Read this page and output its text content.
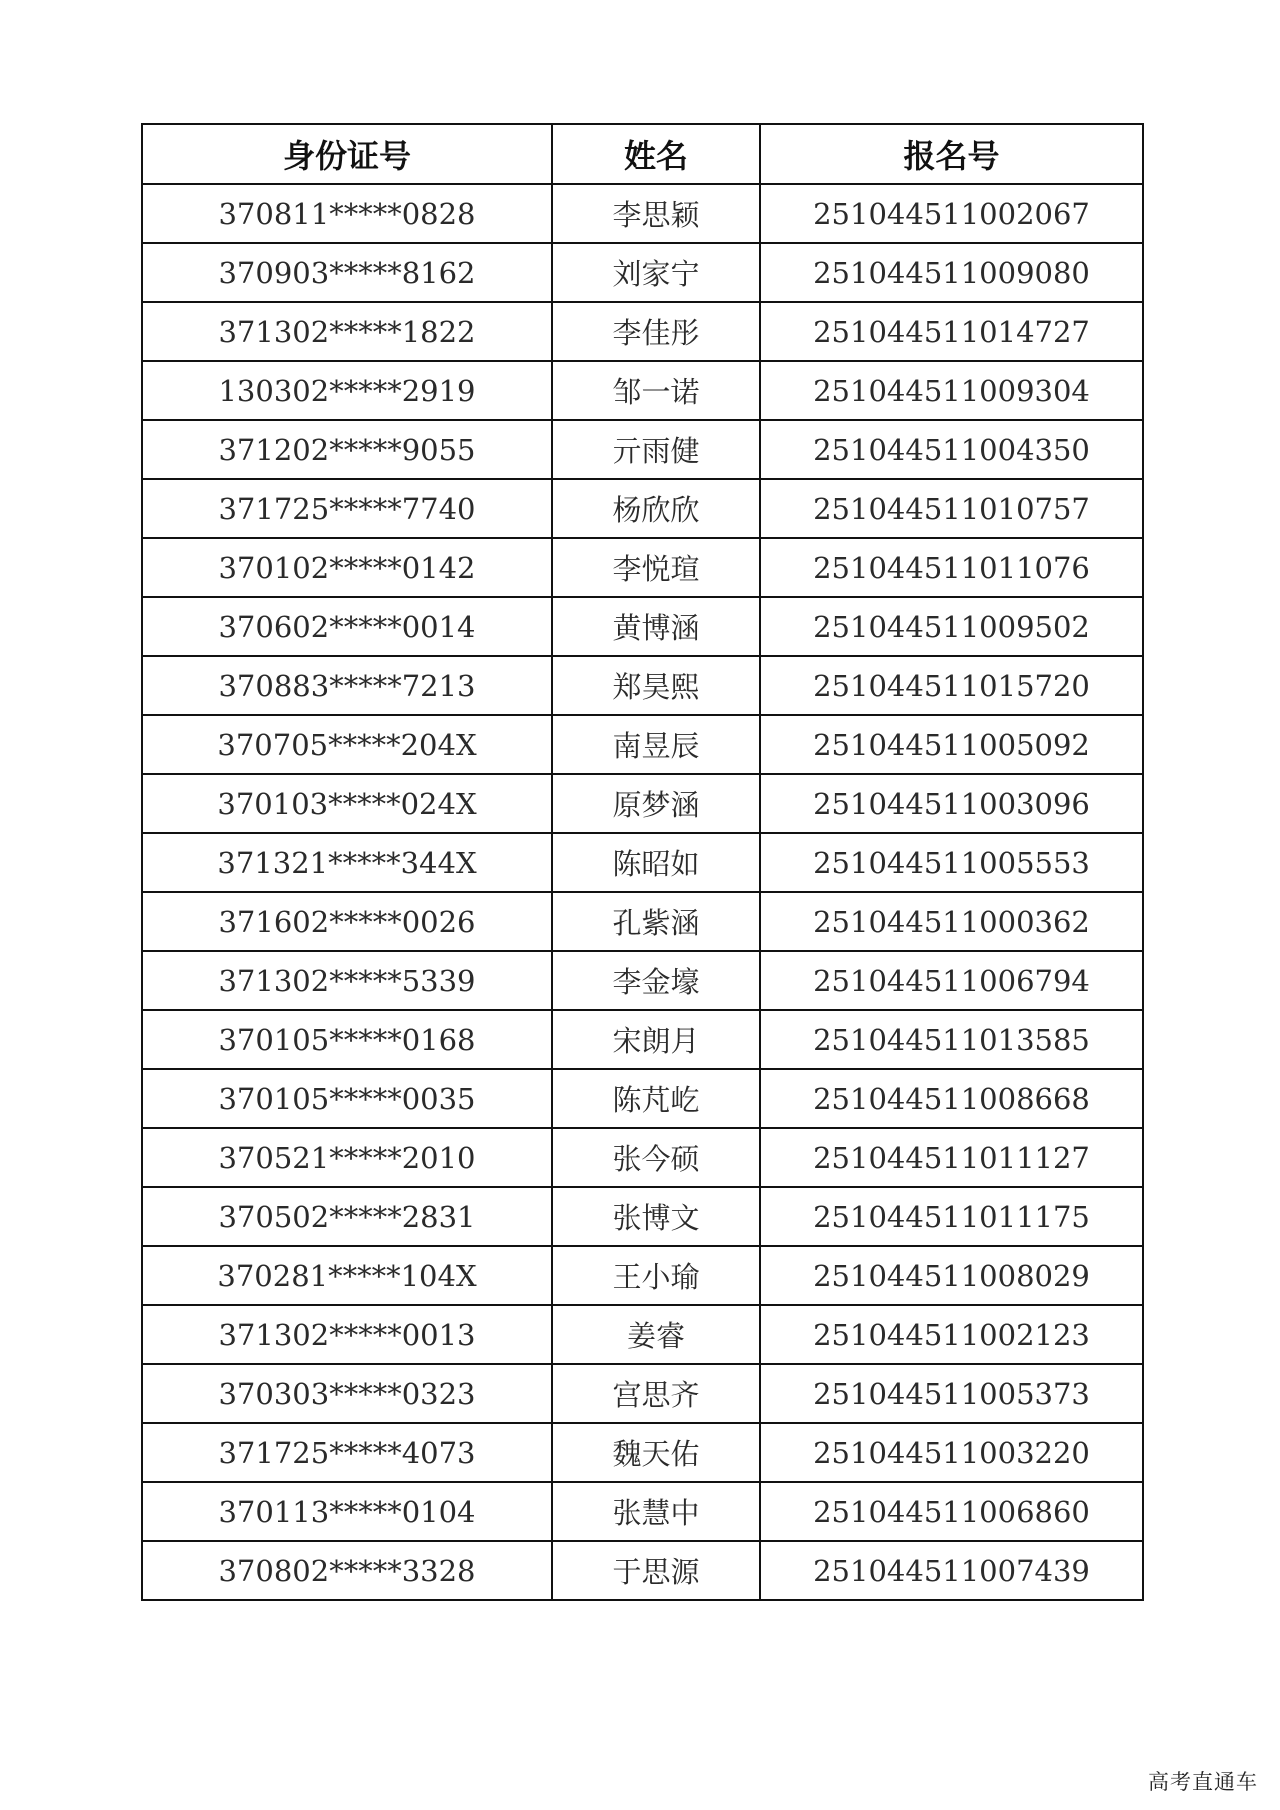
身份证号	姓名	报名号
370811*****0828	李思颖	251044511002067
370903*****8162	刘家宁	251044511009080
371302*****1822	李佳彤	251044511014727
130302*****2919	邹一诺	251044511009304
371202*****9055	亓雨健	251044511004350
371725*****7740	杨欣欣	251044511010757
370102*****0142	李悦瑄	251044511011076
370602*****0014	黄博涵	251044511009502
370883*****7213	郑昊熙	251044511015720
370705*****204X	南昱辰	251044511005092
370103*****024X	原梦涵	251044511003096
371321*****344X	陈昭如	251044511005553
371602*****0026	孔紫涵	251044511000362
371302*****5339	李金壕	251044511006794
370105*****0168	宋朗月	251044511013585
370105*****0035	陈芃屹	251044511008668
370521*****2010	张今硕	251044511011127
370502*****2831	张博文	251044511011175
370281*****104X	王小瑜	251044511008029
371302*****0013	姜睿	251044511002123
370303*****0323	宫思齐	251044511005373
371725*****4073	魏天佑	251044511003220
370113*****0104	张慧中	251044511006860
370802*****3328	于思源	251044511007439
高考直通车
